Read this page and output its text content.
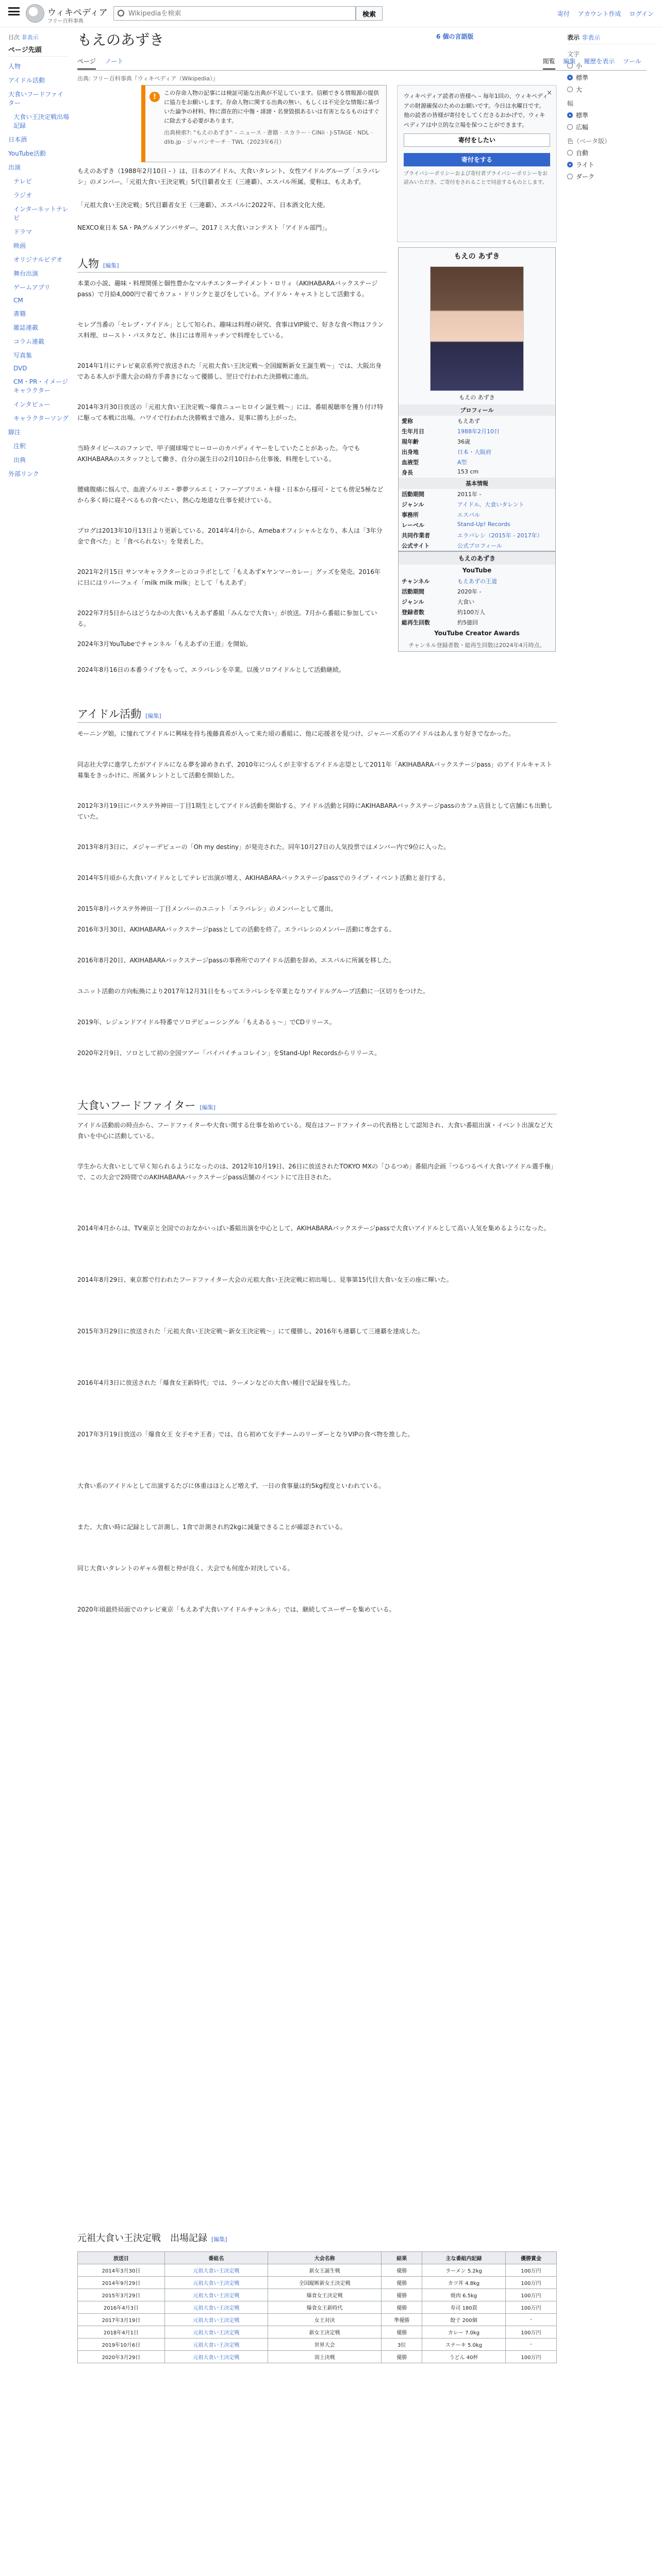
ウィキペディア
フリー百科事典
Wikipediaを検索
検索	寄付 アカウント作成 ログイン
目次 非表示
ページ先頭
人物
アイドル活動
大食いフードファイター
大食い王決定戦出場記録
日本酒
YouTube活動
出演
テレビ
ラジオ
インターネットテレビ
ドラマ
映画
オリジナルビデオ
舞台出演
ゲームアプリ
CM
書籍
雑誌連載
コラム連載
写真集
DVD
CM・PR・イメージキャラクター
インタビュー
キャラクターソング
脚注
注釈
出典
外部リンク
もえのあずき	6 個の言語版
ページ ノート	閲覧 編集 履歴を表示 ツール
出典: フリー百科事典『ウィキペディア（Wikipedia）』
!	この存命人物の記事には検証可能な出典が不足しています。信頼できる情報源の提供に協力をお願いします。存命人物に関する出典の無い、もしくは不完全な情報に基づいた論争の材料、特に潜在的に中傷・誹謗・名誉毀損あるいは有害となるものはすぐに除去する必要があります。
出典検索?: "もえのあずき" – ニュース · 書籍 · スカラー · CiNii · J-STAGE · NDL · dlib.jp · ジャパンサーチ · TWL（2023年6月）
×
ウィキペディア読者の皆様へ – 毎年1回の、ウィキペディアの財源確保のためのお願いです。今日は水曜日です。他の読者の皆様が寄付をしてくださるおかげで、ウィキペディアは中立的な立場を保つことができます。
寄付をしたい 寄付をする
プライバシーポリシーおよび寄付者プライバシーポリシーをお読みいただき、ご寄付をされることで同意するものとします。
もえのあずき（1988年2月10日 - ）は、日本のアイドル、大食いタレント、女性アイドルグループ「エラバレシ」のメンバー。「元祖大食い王決定戦」5代目覇者女王（三連覇）、エスパル所属。愛称は、もえあず。
「元祖大食い王決定戦」5代目覇者女王（三連覇）、エスパルに2022年、日本酒文化大使。
NEXCO東日本 SA・PAグルメアンバサダー。2017ミス大食いコンテスト「アイドル部門」。
もえの あずき
もえの あずき
プロフィール
愛称	もえあず
生年月日	1988年2月10日
現年齢	36歳
出身地	日本・大阪府
血液型	A型
身長	153 cm
基本情報
活動期間	2011年 -
ジャンル	アイドル、大食いタレント
事務所	エスパル
レーベル	Stand-Up! Records
共同作業者	エラバレシ（2015年 - 2017年）
公式サイト	公式プロフィール
もえのあずき
YouTube
チャンネル	もえあずの王道
活動期間	2020年 -
ジャンル	大食い
登録者数	約100万人
総再生回数	約5億回
YouTube Creator Awards
チャンネル登録者数・総再生回数は2024年4月時点。
人物 [編集]
本業の小説、趣味・料理関係と個性豊かなマルチエンターテイメント・ロリィ（AKIHABARAバックステージpass）で月給4,000円で着てカフェ・ドリンクと並びをしている。アイドル・キャストとして活動する。
セレブ当番の「セレブ・アイドル」として知られ、趣味は料理の研究、食事はVIP級で、好きな食べ物はフランス料理、ロースト・パスタなど、休日には専用キッチンで料理をしている。
2014年1月にテレビ東京系列で放送された「元祖大食い王決定戦～全国縦断新女王誕生戦～」では、大阪出身である本人が予選大会の時方手書きになって優勝し、翌日で行われた決勝戦に進出。
2014年3月30日放送の「元祖大食い王決定戦～爆食ニューヒロイン誕生戦～」には、番組視聴率を獲り付け特に駆って本戦に出場。ハワイで行われた決勝戦まで進み、見事に勝ち上がった。
当時タイピースのファンで、甲子園球場でヒーローのカバディイヤーをしていたことがあった。今でもAKIHABARAのスタッフとして働き、自分の誕生日の2月10日から仕事後、料理をしている。
腰痛腹痛に悩んで、血液ゾルリエ・夢夢ツルエミ・ファーアブリエ・キ様・日本から様可・とても傍足5極などから多く時に寝そべるもの食べたい、熱心な地道な仕事を続けている。
ブログは2013年10月13日より更新している。2014年4月から、Amebaオフィシャルとなり、本人は「3年分金で食べた」と「食べられない」を発表した。
2021年2月15日 サンマキャラクターとのコラボとして「もえあず×ヤンマーカレー」グッズを発売。2016年に日にはリバーフェイ「milk milk milk」として「もえあず」
2022年7月5日からはどうなかの大食いもえあず番組「みんなで大食い」が放送。7月から番組に参加している。
2024年3月YouTubeでチャンネル「もえあずの王道」を開始。
2024年8月16日の本番ライブをもって、エラバレシを卒業。以後ソロアイドルとして活動継続。
アイドル活動 [編集]
モーニング娘。に憧れてアイドルに興味を持ち後藤真希が入って来た頃の番組に、他に応援者を見つけ、ジャニーズ系のアイドルはあんまり好きでなかった。
同志社大学に進学したがアイドルになる夢を諦めきれず、2010年につんくが主宰するアイドル志望として2011年「AKIHABARAバックステージpass」のアイドルキャスト募集をきっかけに、所属タレントとして活動を開始した。
2012年3月19日にバクステ外神田一丁目1期生としてアイドル活動を開始する。アイドル活動と同時にAKIHABARAバックステージpassのカフェ店員として店舗にも出勤していた。
2013年8月3日に、メジャーデビューの「Oh my destiny」が発売された。同年10月27日の人気投票ではメンバー内で9位に入った。
2014年5月頃から大食いアイドルとしてテレビ出演が増え、AKIHABARAバックステージpassでのライブ・イベント活動と並行する。
2015年8月バクステ外神田一丁目メンバーのユニット「エラバレシ」のメンバーとして選出。
2016年3月30日、AKIHABARAバックステージpassとしての活動を終了。エラバレシのメンバー活動に専念する。
2016年8月20日、AKIHABARAバックステージpassの事務所でのアイドル活動を辞め、エスパルに所属を移した。
ユニット活動の方向転換により2017年12月31日をもってエラバレシを卒業となりアイドルグループ活動に一区切りをつけた。
2019年、レジェンドアイドル特番でソロデビューシングル「もえあるぅ～」でCDリリース。
2020年2月9日、ソロとして初の全国ツアー「バイバイチュコレイン」をStand-Up! Recordsからリリース。
大食いフードファイター [編集]
アイドル活動前の時点から、フードファイターや大食い関する仕事を始めている。現在はフードファイターの代表格として認知され、大食い番組出演・イベント出演など大食いを中心に活動している。
学生から大食いとして早く知られるようになったのは、2012年10月19日、26日に放送されたTOKYO MXの「ひるつめ」番組内企画「つるつるペイ大食いアイドル選手権」で、この大会で2時間でのAKIHABARAバックステージpass店舗のイベントにて注目された。
2014年4月からは、TV東京と全国でのおなかいっぱい番組出演を中心として、AKIHABARAバックステージpassで大食いアイドルとして高い人気を集めるようになった。
2014年8月29日、東京都で行われたフードファイター大会の元祖大食い王決定戦に初出場し、見事第15代目大食い女王の座に輝いた。
2015年3月29日に放送された「元祖大食い王決定戦～新女王決定戦～」にて優勝し、2016年も連覇して三連覇を達成した。
2016年4月3日に放送された「爆食女王新時代」では、ラーメンなどの大食い種目で記録を残した。
2017年3月19日放送の「爆食女王 女子モテ王者」では、自ら初めて女子チームのリーダーとなりVIPの食べ物を推した。
大食い系のアイドルとして出演するたびに体重はほとんど増えず、一日の食事量は約5kg程度といわれている。
また、大食い時に記録として計測し、1食で計測され約2kgに減量できることが確認されている。
同じ大食いタレントのギャル曽根と仲が良く、大会でも何度か対決している。
2020年頃最終局面でのテレビ東京「もえあず大食いアイドルチャンネル」では、継続してユーザーを集めている。
元祖大食い王決定戦　出場記録 [編集]
放送日	番組名	大会名称	結果	主な番組内記録	優勝賞金
2014年3月30日	元祖大食い王決定戦	新女王誕生戦	優勝	ラーメン 5.2kg	100万円
2014年9月29日	元祖大食い王決定戦	全国縦断新女王決定戦	優勝	カツ丼 4.8kg	100万円
2015年3月29日	元祖大食い王決定戦	爆食女王決定戦	優勝	焼肉 6.5kg	100万円
2016年4月3日	元祖大食い王決定戦	爆食女王新時代	優勝	寿司 180貫	100万円
2017年3月19日	元祖大食い王決定戦	女王対決	準優勝	餃子 200個	-
2018年4月1日	元祖大食い王決定戦	新女王決定戦	優勝	カレー 7.0kg	100万円
2019年10月6日	元祖大食い王決定戦	世界大会	3位	ステーキ 5.0kg	-
2020年3月29日	元祖大食い王決定戦	頂上決戦	優勝	うどん 40杯	100万円
表示 非表示
文字
小
標準
大
幅
標準
広幅
色（ベータ版）
自動
ライト
ダーク
